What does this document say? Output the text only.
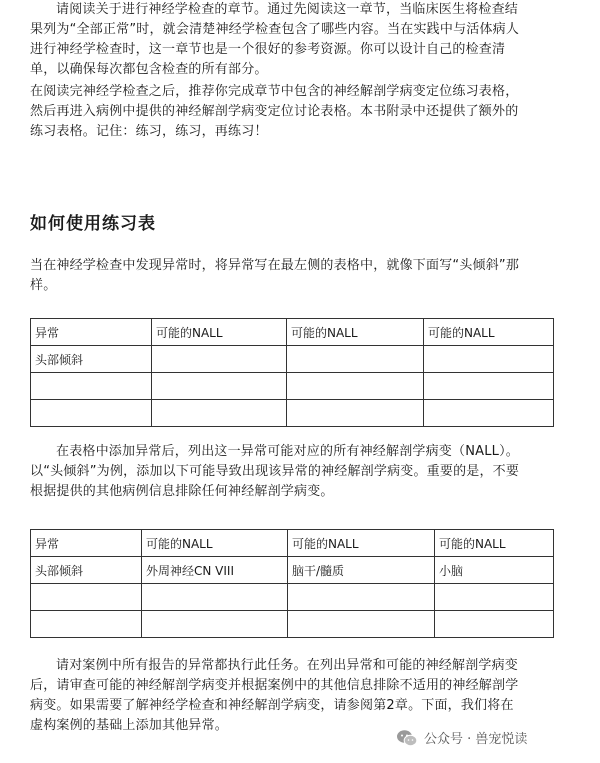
请阅读关于进行神经学检查的章节。通过先阅读这一章节，当临床医生将检查结果列为“全部正常”时，就会清楚神经学检查包含了哪些内容。当在实践中与活体病人进行神经学检查时，这一章节也是一个很好的参考资源。你可以设计自己的检查清单，以确保每次都包含检查的所有部分。

在阅读完神经学检查之后，推荐你完成章节中包含的神经解剖学病变定位练习表格，然后再进入病例中提供的神经解剖学病变定位讨论表格。本书附录中还提供了额外的练习表格。记住：练习，练习，再练习！

如何使用练习表

当在神经学检查中发现异常时，将异常写在最左侧的表格中，就像下面写“头倾斜”那样。

异常	可能的NALL	可能的NALL	可能的NALL
头部倾斜			

在表格中添加异常后，列出这一异常可能对应的所有神经解剖学病变（NALL）。以“头倾斜”为例，添加以下可能导致出现该异常的神经解剖学病变。重要的是，不要根据提供的其他病例信息排除任何神经解剖学病变。

异常	可能的NALL	可能的NALL	可能的NALL
头部倾斜	外周神经CN VIII	脑干/髓质	小脑

请对案例中所有报告的异常都执行此任务。在列出异常和可能的神经解剖学病变后，请审查可能的神经解剖学病变并根据案例中的其他信息排除不适用的神经解剖学病变。如果需要了解神经学检查和神经解剖学病变，请参阅第2章。下面，我们将在虚构案例的基础上添加其他异常。

公众号 · 兽宠悦读
